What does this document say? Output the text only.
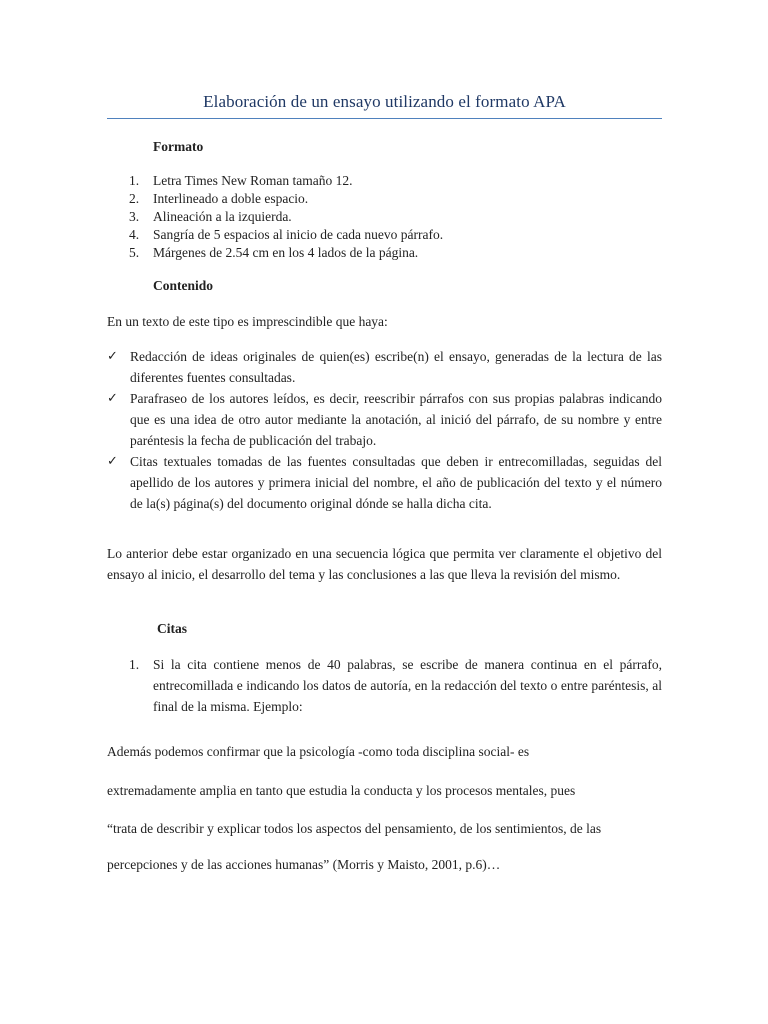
Elaboración de un ensayo utilizando el formato APA
Formato
1. Letra Times New Roman tamaño 12.
2. Interlineado a doble espacio.
3. Alineación a la izquierda.
4. Sangría de 5 espacios al inicio de cada nuevo párrafo.
5. Márgenes de 2.54 cm en los 4 lados de la página.
Contenido
En un texto de este tipo es imprescindible que haya:
✓ Redacción de ideas originales de quien(es) escribe(n) el ensayo, generadas de la lectura de las diferentes fuentes consultadas.
✓ Parafraseo de los autores leídos, es decir, reescribir párrafos con sus propias palabras indicando que es una idea de otro autor mediante la anotación, al inició del párrafo, de su nombre y entre paréntesis la fecha de publicación del trabajo.
✓ Citas textuales tomadas de las fuentes consultadas que deben ir entrecomilladas, seguidas del apellido de los autores y primera inicial del nombre, el año de publicación del texto y el número de la(s) página(s) del documento original dónde se halla dicha cita.
Lo anterior debe estar organizado en una secuencia lógica que permita ver claramente el objetivo del ensayo al inicio, el desarrollo del tema y las conclusiones a las que lleva la revisión del mismo.
Citas
1. Si la cita contiene menos de 40 palabras, se escribe de manera continua en el párrafo, entrecomillada e indicando los datos de autoría, en la redacción del texto o entre paréntesis, al final de la misma. Ejemplo:
Además podemos confirmar que la psicología -como toda disciplina social- es
extremadamente amplia en tanto que estudia la conducta y los procesos mentales, pues
“trata de describir y explicar todos los aspectos del pensamiento, de los sentimientos, de las
percepciones y de las acciones humanas” (Morris y Maisto, 2001, p.6)…
